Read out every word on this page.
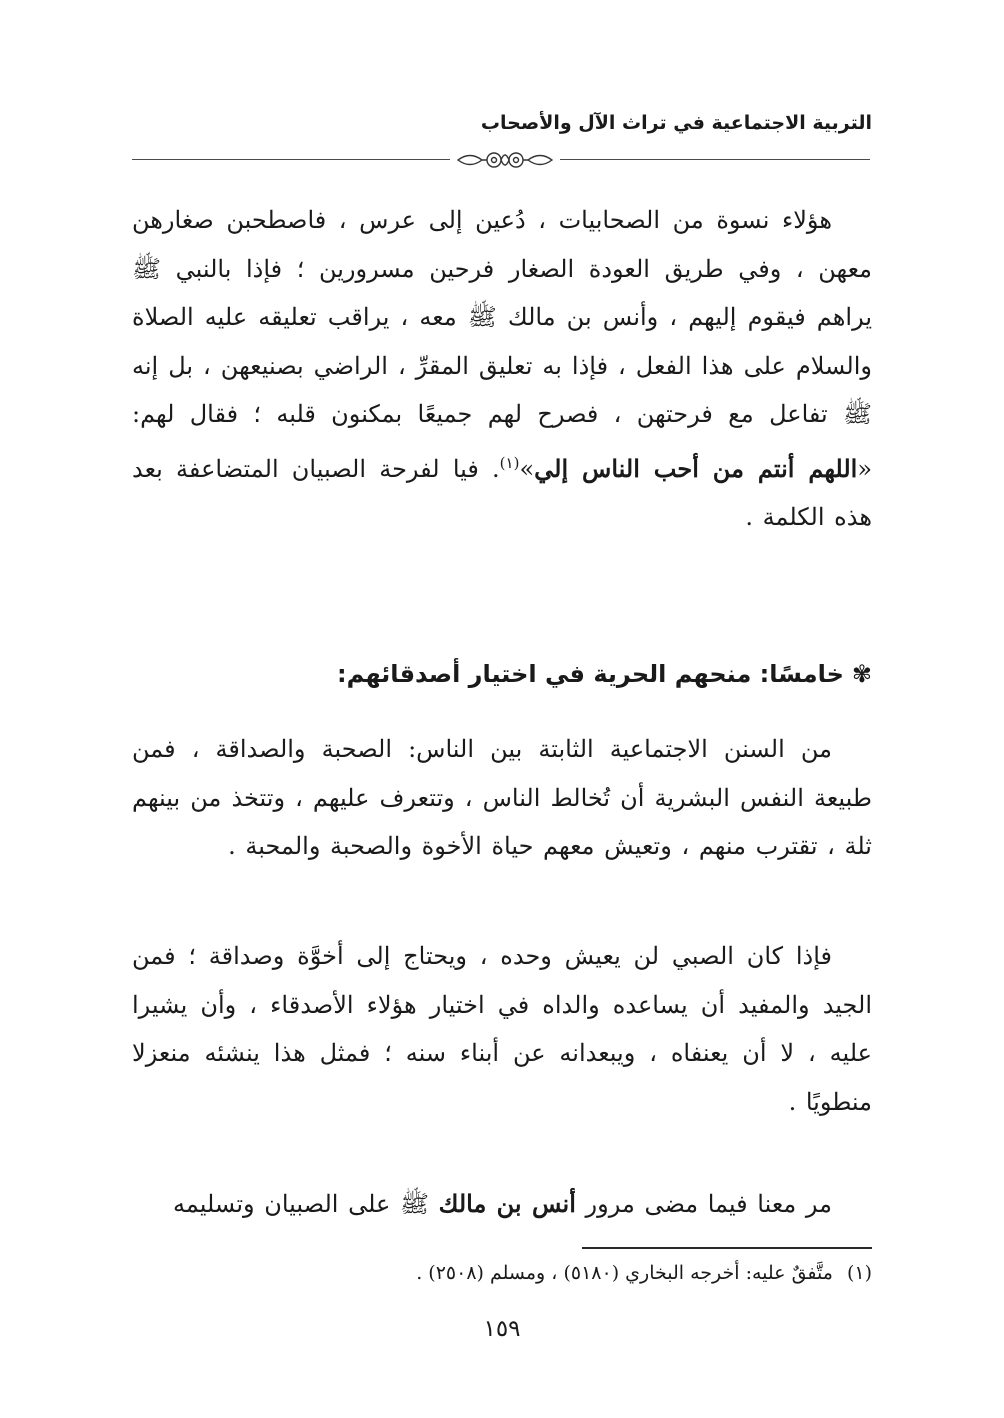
التربية الاجتماعية في تراث الآل والأصحاب
هؤلاء نسوة من الصحابيات ، دُعين إلى عرس ، فاصطحبن صغارهن معهن ، وفي طريق العودة الصغار فرحين مسرورين ؛ فإذا بالنبي ﷺ يراهم فيقوم إليهم ، وأنس بن مالك ﷺ معه ، يراقب تعليقه عليه الصلاة والسلام على هذا الفعل ، فإذا به تعليق المقرِّ ، الراضي بصنيعهن ، بل إنه ﷺ تفاعل مع فرحتهن ، فصرح لهم جميعًا بمكنون قلبه ؛ فقال لهم: «اللهم أنتم من أحب الناس إلي»$^{(١)}$. فيا لفرحة الصبيان المتضاعفة بعد هذه الكلمة .
✾خامسًا: منحهم الحرية في اختيار أصدقائهم:
من السنن الاجتماعية الثابتة بين الناس: الصحبة والصداقة ، فمن طبيعة النفس البشرية أن تُخالط الناس ، وتتعرف عليهم ، وتتخذ من بينهم ثلة ، تقترب منهم ، وتعيش معهم حياة الأخوة والصحبة والمحبة .
فإذا كان الصبي لن يعيش وحده ، ويحتاج إلى أخوَّة وصداقة ؛ فمن الجيد والمفيد أن يساعده والداه في اختيار هؤلاء الأصدقاء ، وأن يشيرا عليه ، لا أن يعنفاه ، ويبعدانه عن أبناء سنه ؛ فمثل هذا ينشئه منعزلا منطويًا .
مر معنا فيما مضى مرور أنس بن مالك ﷺ على الصبيان وتسليمه
(١)متَّفقٌ عليه: أخرجه البخاري (٥١٨٠) ، ومسلم (٢٥٠٨) .
١٥٩
